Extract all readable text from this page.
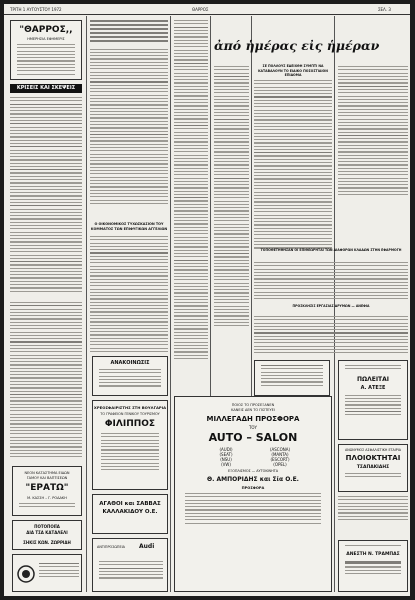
ΤΡΙΤΗ 1 ΑΥΓΟΥΣΤΟΥ 1972	ΘΑΡΡΟΣ	ΣΕΛ. 3
"ΘΑΡΡΟΣ,,
ΗΜΕΡΗΣΙΑ ΕΦΗΜΕΡΙΣ
ΚΡΙΣΕΙΣ ΚΑΙ ΣΚΕΨΕΙΣ
ΝΕΟΝ ΚΑΤΑΣΤΗΜΑ ΕΙΔΩΝ
ΓΑΜΟΥ ΚΑΙ ΒΑΠΤΙΣΕΩΝ
"ΕΡΑΤΩ"
Μ. ΚΑΣΣΗ – Γ. ΡΟΔΑΚΗ
ΠΟΤΟΠΟΙΪΑ
ΔΙΑ ΤΣΑ ΚΑΤΑΛΕΛΙ
ΣΗΚΙΣ ΚΩΝ. ΖΩΡΡΙΔΗ
Ο ΟΙΚΟΝΟΜΙΚΟΣ ΤΥΧΩΣΚΑΣΙΟΝ ΤΟΥ ΚΟΜΜΑΤΟΣ ΤΩΝ ΕΠΙΦΥΓΙΚΩΝ ΑΓΓΕΛΙΩΝ
ΑΝΑΚΟΙΝΩΣΙΣ
ΧΡΕΟΣΦΑΙΡΙΣΤΗΣ ΣΤΗ ΒΟΥΛΓΑΡΙΑ
ΤΟ ΓΡΑΦΕΙΟΝ ΓΕΝΙΚΟΥ ΤΟΥΡΙΣΜΟΥ
ΦΙΛΙΠΠΟΣ
ΑΓΑΘΟΙ και ΣΑΒΒΑΣ
ΚΑΛΛΑΚΙΔΟΥ Ο.Ε.
ΑΝΤΙΠΡΟΣΩΠΕΙΑ Audi
ἀπό ἡμέρας εἰς ἡμέραν
ΣΕ ΠΟΛΛΟΥΣ ΕΔΕΙΧΘΗ ΣΥΜΠΤΙ ΝΑ ΚΑΤΑΒΑΛΟΥΝ ΤΟ ΕΙΔΙΚΟ ΠΟΣΟΣΤΙΑΙΟΝ ΕΠΙΔΟΜΑ
ΤΟΠΟΘΕΤΗΘΗΣΑΝ ΟΙ ΕΠΙΘΕΩΡΗΤΑΙ ΤΩΝ ΔΙΑΦΟΡΩΝ ΚΛΑΔΩΝ ΣΤΗΝ ΕΦΑΡΜΟΓΗ
ΠΡΟΣΚΛΗΣΙΣ ΕΡΓΑΣΙΑΣ ΔΡΥΜΩΝ — ΑΝΕΦΙΑ
ΠΩΛΕΙΤΑΙ
Α. ΑΤΕΞΕ
ΑΝΩΝΥΜΟΣ ΑΣΦΑΛΙΣΤΙΚΗ ΕΤΑΙΡΙΑ
ΠΛΟΙΟΚΤΗΤΑΙ
ΤΣΑΠΑΚΙΔΗΣ
ΑΝΕΣΤΗ Ν. ΤΡΑΜΠΑΣ
ΠΟΙΟΣ ΤΟ ΠΡΟΣΕΞΑΝΕΝ
ΚΑΝΕΙΣ ΔΕΝ ΤΟ ΠΙΣΤΕΥΕΙ
ΜΙΛΛΕΓΑΔΗ ΠΡΟΣΦΟΡΑ
ΤΟΥ
AUTO – SALON
(AUDI)	(ASCONA)
(SEAT)	(MANTA)
(NSU)	(ESCORT)
(VW)	(OPEL)
ΕΞΟΠΛΙΣΜΟΣ — ΑΥΤΟΚΙΝΗΤΑ
Θ. ΑΜΠΟΡΙΔΗΣ και Σία Ο.Ε.
ΠΡΟΣΦΟΡΑ
